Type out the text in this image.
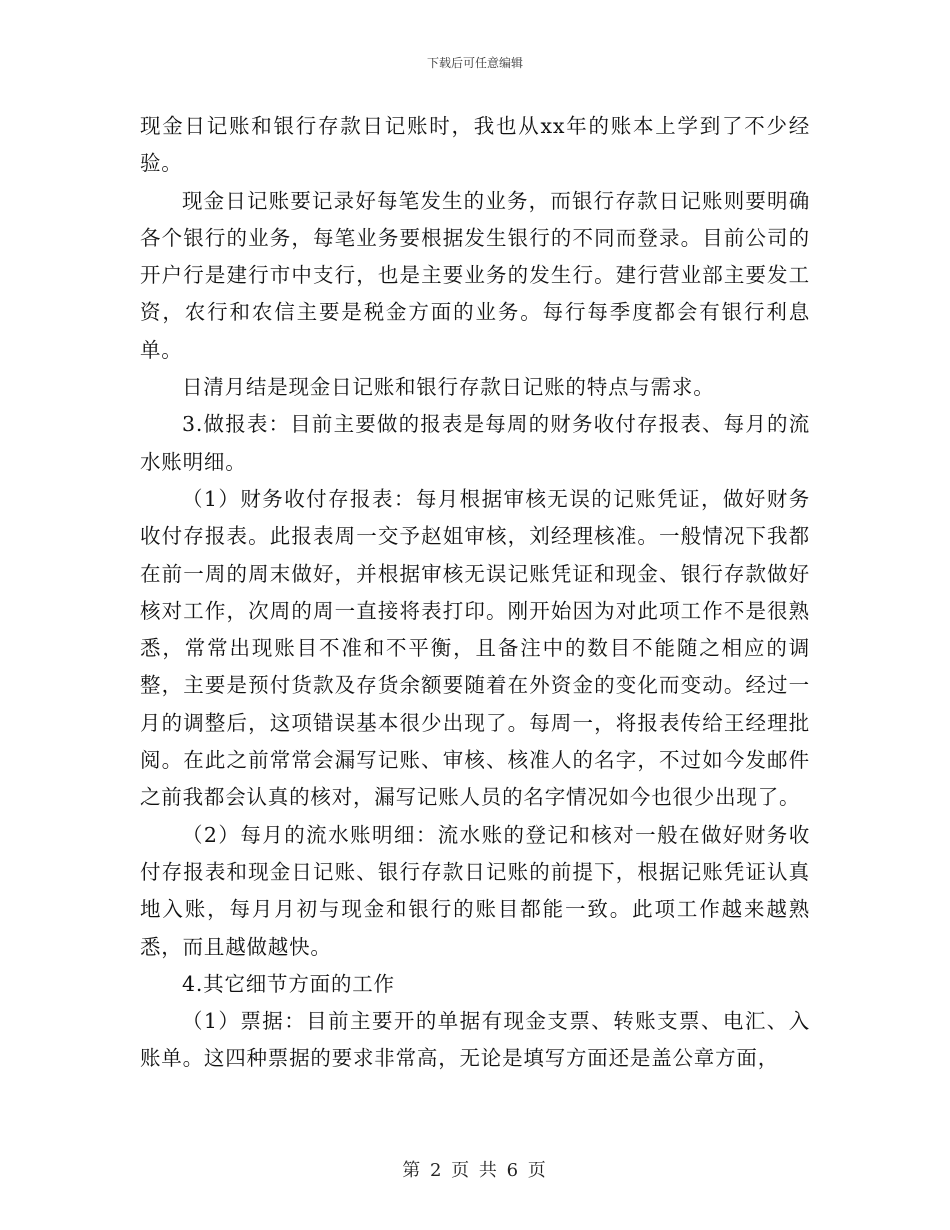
下载后可任意编辑

现金日记账和银行存款日记账时，我也从xx年的账本上学到了不少经验。

现金日记账要记录好每笔发生的业务，而银行存款日记账则要明确各个银行的业务，每笔业务要根据发生银行的不同而登录。目前公司的开户行是建行市中支行，也是主要业务的发生行。建行营业部主要发工资，农行和农信主要是税金方面的业务。每行每季度都会有银行利息单。

日清月结是现金日记账和银行存款日记账的特点与需求。

3.做报表：目前主要做的报表是每周的财务收付存报表、每月的流水账明细。

（1）财务收付存报表：每月根据审核无误的记账凭证，做好财务收付存报表。此报表周一交予赵姐审核，刘经理核准。一般情况下我都在前一周的周末做好，并根据审核无误记账凭证和现金、银行存款做好核对工作，次周的周一直接将表打印。刚开始因为对此项工作不是很熟悉，常常出现账目不准和不平衡，且备注中的数目不能随之相应的调整，主要是预付货款及存货余额要随着在外资金的变化而变动。经过一月的调整后，这项错误基本很少出现了。每周一，将报表传给王经理批阅。在此之前常常会漏写记账、审核、核准人的名字，不过如今发邮件之前我都会认真的核对，漏写记账人员的名字情况如今也很少出现了。

（2）每月的流水账明细：流水账的登记和核对一般在做好财务收付存报表和现金日记账、银行存款日记账的前提下，根据记账凭证认真地入账，每月月初与现金和银行的账目都能一致。此项工作越来越熟悉，而且越做越快。

4.其它细节方面的工作

（1）票据：目前主要开的单据有现金支票、转账支票、电汇、入账单。这四种票据的要求非常高，无论是填写方面还是盖公章方面，

第 2 页 共 6 页
